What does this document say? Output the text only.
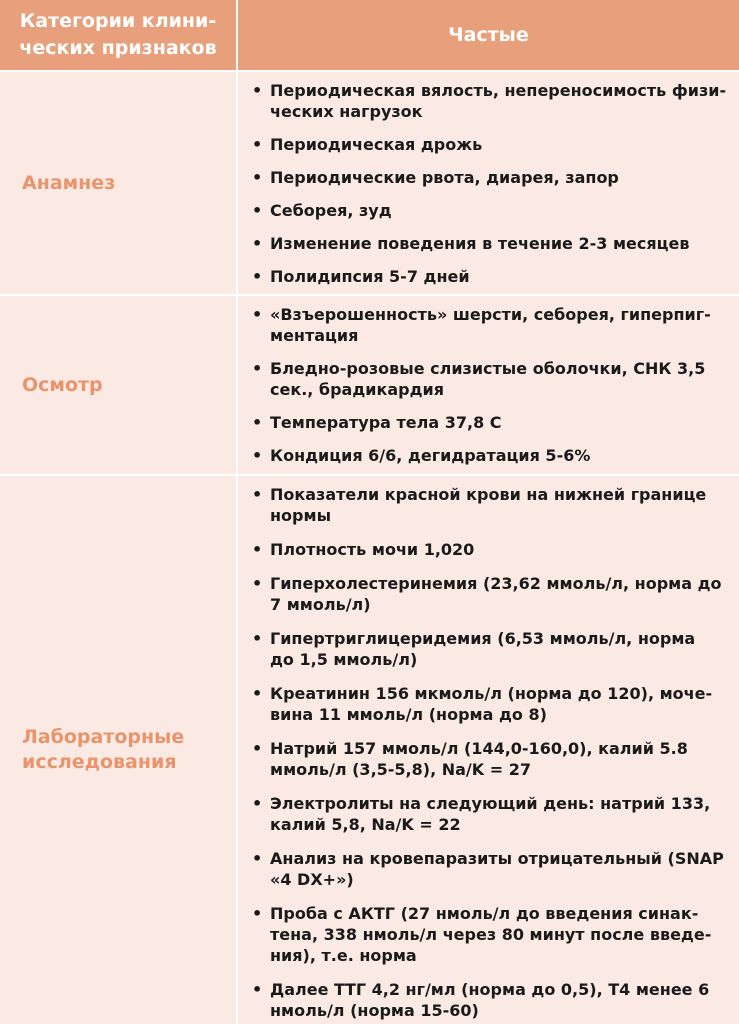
Категории клини-
ческих признаков
Частые
Анамнез
• Периодическая вялость, непереносимость физи-
ческих нагрузок
• Периодическая дрожь
• Периодические рвота, диарея, запор
• Себорея, зуд
• Изменение поведения в течение 2-3 месяцев
• Полидипсия 5-7 дней
Осмотр
• «Взъерошенность» шерсти, себорея, гиперпиг-
ментация
• Бледно-розовые слизистые оболочки, СНК 3,5
сек., брадикардия
• Температура тела 37,8 С
• Кондиция 6/6, дегидратация 5-6%
Лабораторные
исследования
• Показатели красной крови на нижней границе
нормы
• Плотность мочи 1,020
• Гиперхолестеринемия (23,62 ммоль/л, норма до
7 ммоль/л)
• Гипертриглицеридемия (6,53 ммоль/л, норма
до 1,5 ммоль/л)
• Креатинин 156 мкмоль/л (норма до 120), моче-
вина 11 ммоль/л (норма до 8)
• Натрий 157 ммоль/л (144,0-160,0), калий 5.8
ммоль/л (3,5-5,8), Na/K = 27
• Электролиты на следующий день: натрий 133,
калий 5,8, Na/K = 22
• Анализ на кровепаразиты отрицательный (SNAP
«4 DX+»)
• Проба с АКТГ (27 нмоль/л до введения синак-
тена, 338 нмоль/л через 80 минут после введе-
ния), т.е. норма
• Далее ТТГ 4,2 нг/мл (норма до 0,5), Т4 менее 6
нмоль/л (норма 15-60)
